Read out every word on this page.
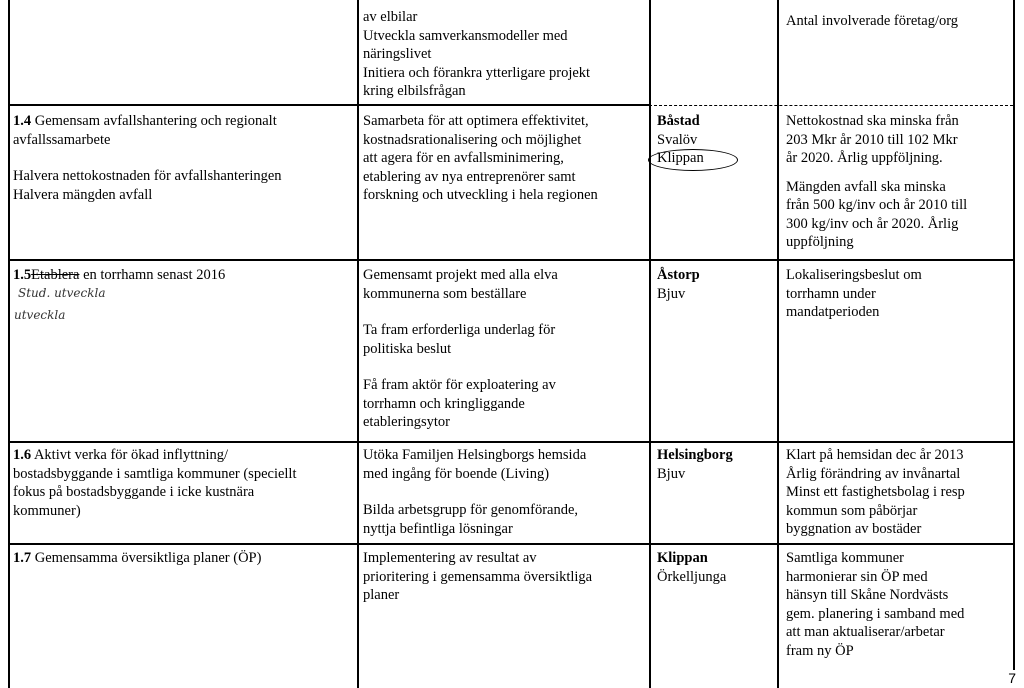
av elbilar
Utveckla samverkansmodeller med
näringslivet
Initiera och förankra ytterligare projekt
kring elbilsfrågan
Antal involverade företag/org
1.4 Gemensam avfallshantering och regionalt
avfallssamarbete
Halvera nettokostnaden för avfallshanteringen
Halvera mängden avfall
Samarbeta för att optimera effektivitet,
kostnadsrationalisering och möjlighet
att agera för en avfallsminimering,
etablering av nya entreprenörer samt
forskning och utveckling i hela regionen
Båstad
Svalöv
Klippan
Nettokostnad ska minska från
203 Mkr år 2010 till 102 Mkr
år 2020. Årlig uppföljning.
Mängden avfall ska minska
från 500 kg/inv och år 2010 till
300 kg/inv och år 2020. Årlig
uppföljning
1.5Etablera en torrhamn senast 2016
Stud. utveckla
utveckla
Gemensamt projekt med alla elva
kommunerna som beställare
Ta fram erforderliga underlag för
politiska beslut
Få fram aktör för exploatering av
torrhamn och kringliggande
etableringsytor
Åstorp
Bjuv
Lokaliseringsbeslut om
torrhamn under
mandatperioden
1.6 Aktivt verka för ökad inflyttning/
bostadsbyggande i samtliga kommuner (speciellt
fokus på bostadsbyggande i icke kustnära
kommuner)
Utöka Familjen Helsingborgs hemsida
med ingång för boende (Living)
Bilda arbetsgrupp för genomförande,
nyttja befintliga lösningar
Helsingborg
Bjuv
Klart på hemsidan dec år 2013
Årlig förändring av invånartal
Minst ett fastighetsbolag i resp
kommun som påbörjar
byggnation av bostäder
1.7 Gemensamma översiktliga planer (ÖP)	Implementering av resultat av
prioritering i gemensamma översiktliga
planer
Klippan
Örkelljunga
Samtliga kommuner
harmonierar sin ÖP med
hänsyn till Skåne Nordvästs
gem. planering i samband med
att man aktualiserar/arbetar
fram ny ÖP
7
